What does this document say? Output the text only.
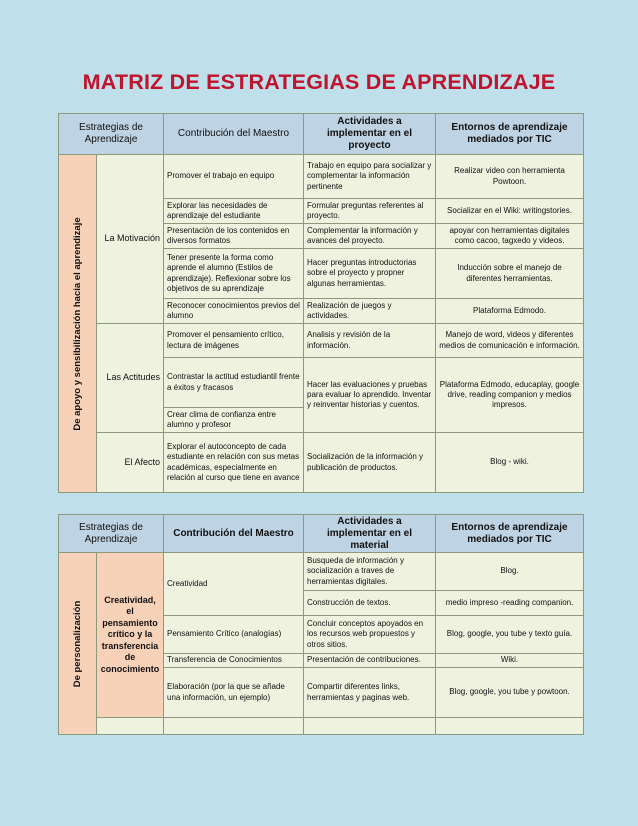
MATRIZ DE ESTRATEGIAS DE APRENDIZAJE
Estrategias de Aprendizaje		Contribución del Maestro	Actividades a implementar en el proyecto	Entornos de aprendizaje mediados por TIC

De apoyo y sensibilización hacia el aprendizaje	La Motivación	Promover el trabajo en equipo	Trabajo en equipo para socializar y complementar la información pertinente	Realizar video con herramienta Powtoon.
		Explorar las necesidades de aprendizaje del estudiante	Formular preguntas referentes al proyecto.	Socializar en el Wiki: writingstories.
		Presentación de los contenidos en diversos formatos	Complementar la información y avances del proyecto.	apoyar con herramientas digitales como cacoo, tagxedo y videos.
		Tener presente la forma como aprende el alumno (Estilos de aprendizaje). Reflexionar sobre los objetivos de su aprendizaje	Hacer preguntas introductorias sobre el proyecto y propner algunas herramientas.	Inducción sobre el manejo de diferentes herramientas.
		Reconocer conocimientos previos del alumno	Realización de juegos y actividades.	Plataforma Edmodo.
	Las Actitudes	Promover el pensamiento crítico, lectura de imágenes	Analisis y revisión de la información.	Manejo de word, videos y diferentes medios de comunicación e información.
		Contrastar la actitud estudiantil frente a éxitos y fracasos	Hacer las evaluaciones y pruebas para evaluar lo aprendido. Inventar y reinventar historias y cuentos.	Plataforma Edmodo, educaplay, google drive, reading companion y medios impresos.
		Crear clima de confianza entre alumno y profesor		
	El Afecto	Explorar el autoconcepto de cada estudiante en relación con sus metas académicas, especialmente en relación al curso que tiene en avance	Socialización de la información y publicación de productos.	Blog - wiki.
Estrategias de Aprendizaje		Contribución del Maestro	Actividades a implementar en el material	Entornos de aprendizaje mediados por TIC

De personalización	Creatividad, el pensamiento crítico y la transferencia de conocimiento	Creatividad	Busqueda de información y socialización a traves de herramientas digitales.	Blog.
			Construcción de textos.	medio impreso -reading companion.
		Pensamiento Crítico (analogías)	Concluir conceptos apoyados en los recursos web propuestos y otros sitios.	Blog, google, you tube y texto guía.
		Transferencia de Conocimientos	Presentación de contribuciones.	Wiki.
		Elaboración (por la que se añade una información, un ejemplo)	Compartir diferentes links, herramientas y paginas web.	Blog, google, you tube y powtoon.
